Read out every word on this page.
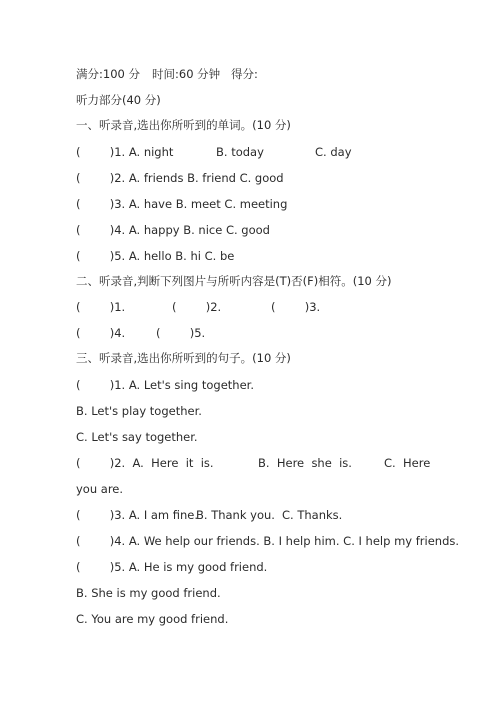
满分:100 分 时间:60 分钟 得分:
听力部分(40 分)
一、听录音,选出你所听到的单词。(10 分)
(        )1. A. night	B. today	C. day
(        )2. A. friends B. friend C. good
(        )3. A. have B. meet C. meeting
(        )4. A. happy B. nice C. good
(        )5. A. hello B. hi C. be
二、听录音,判断下列图片与所听内容是(T)否(F)相符。(10 分)
(        )1.	(        )2.	(        )3.
(        )4.	(        )5.
三、听录音,选出你所听到的句子。(10 分)
(        )1. A. Let's sing together.
B. Let's play together.
C. Let's say together.
(        )2.  A.  Here  it  is.	B.  Here  she  is.	C.  Here
you are.
(        )3. A. I am fine.
B. Thank you. C. Thanks.
(        )4. A. We help our friends. B. I help him. C. I help my friends.
(        )5. A. He is my good friend.
B. She is my good friend.
C. You are my good friend.
